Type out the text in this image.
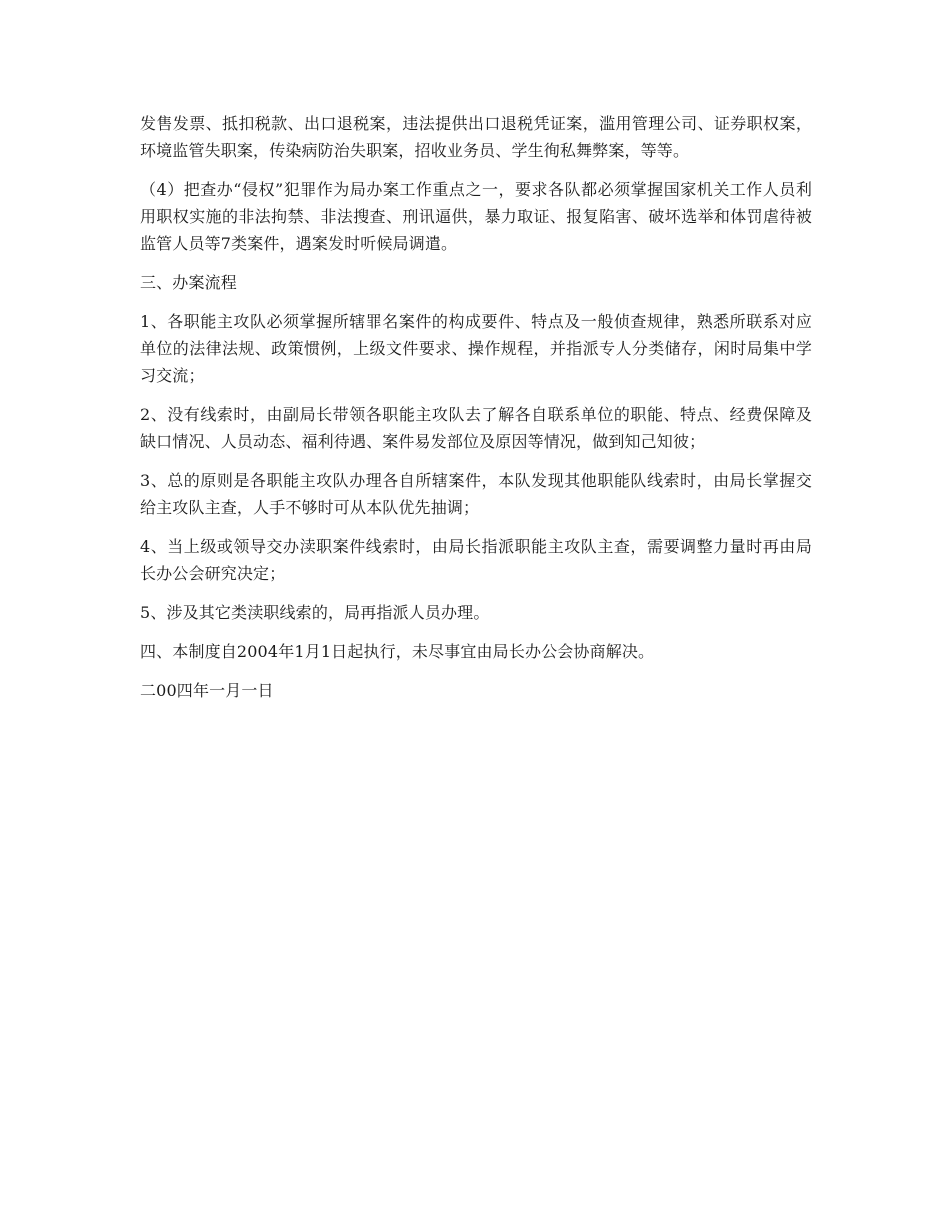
发售发票、抵扣税款、出口退税案，违法提供出口退税凭证案，滥用管理公司、证券职权案，环境监管失职案，传染病防治失职案，招收业务员、学生徇私舞弊案，等等。

（4）把查办“侵权”犯罪作为局办案工作重点之一，要求各队都必须掌握国家机关工作人员利用职权实施的非法拘禁、非法搜查、刑讯逼供，暴力取证、报复陷害、破坏选举和体罚虐待被监管人员等7类案件，遇案发时听候局调遣。

三、办案流程

1、各职能主攻队必须掌握所辖罪名案件的构成要件、特点及一般侦查规律，熟悉所联系对应单位的法律法规、政策惯例，上级文件要求、操作规程，并指派专人分类储存，闲时局集中学习交流；

2、没有线索时，由副局长带领各职能主攻队去了解各自联系单位的职能、特点、经费保障及缺口情况、人员动态、福利待遇、案件易发部位及原因等情况，做到知己知彼；

3、总的原则是各职能主攻队办理各自所辖案件，本队发现其他职能队线索时，由局长掌握交给主攻队主查，人手不够时可从本队优先抽调；

4、当上级或领导交办渎职案件线索时，由局长指派职能主攻队主查，需要调整力量时再由局长办公会研究决定；

5、涉及其它类渎职线索的，局再指派人员办理。

四、本制度自2004年1月1日起执行，未尽事宜由局长办公会协商解决。

二00四年一月一日
